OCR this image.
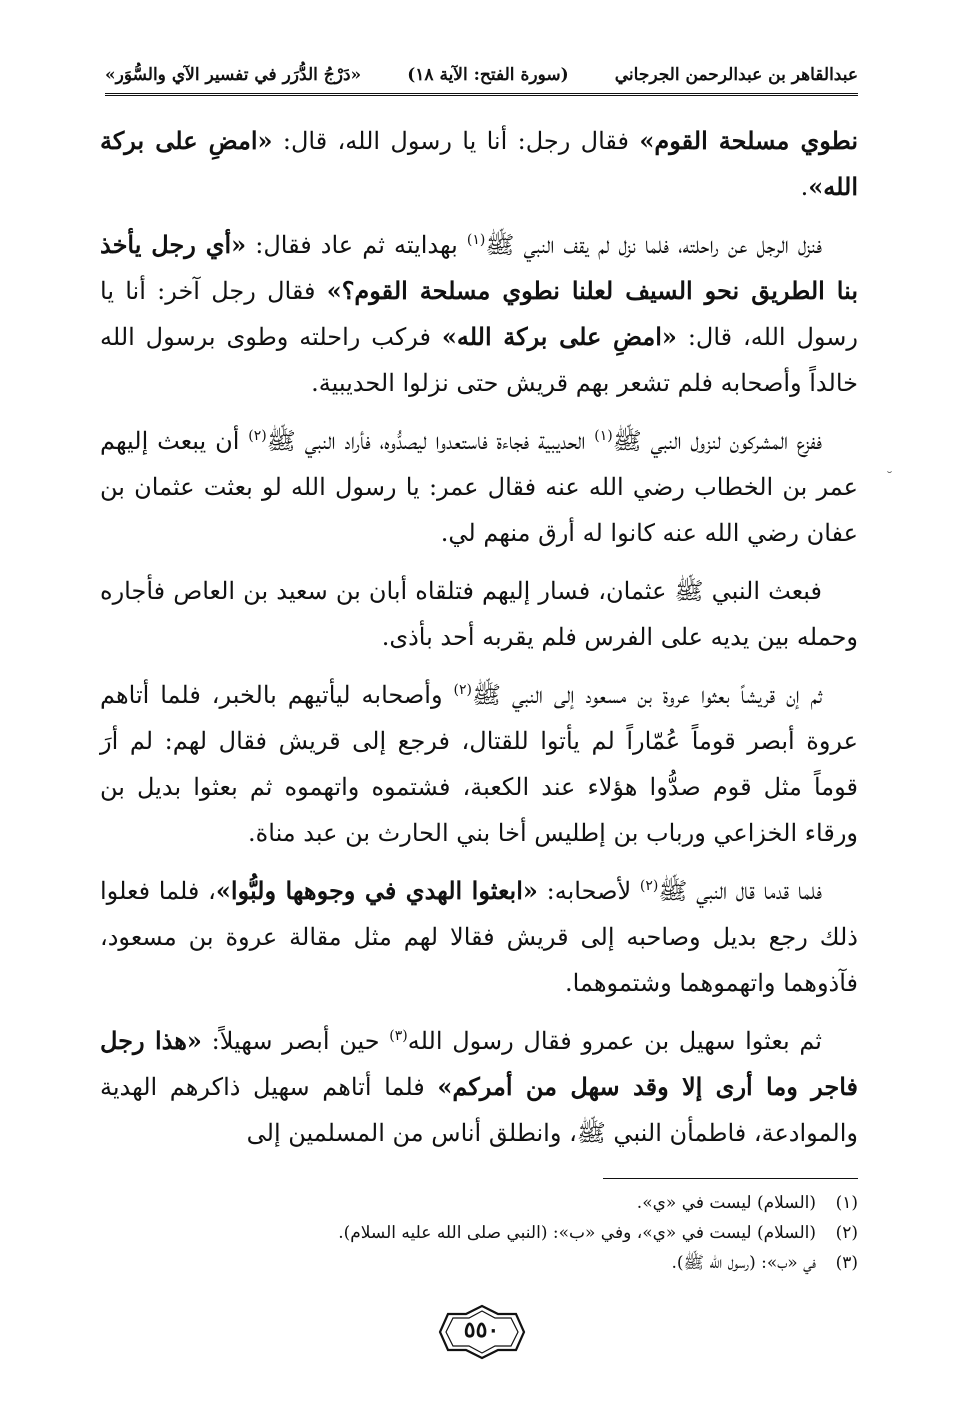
عبدالقاهر بن عبدالرحمن الجرجاني
(سورة الفتح: الآية ١٨)
«دَرْجُ الدُّرَر في تفسير الآي والسُّوَر»
نطوي مسلحة القوم» فقال رجل: أنا يا رسول الله، قال: «امضِ على بركة الله».
فنزل الرجل عن راحلته، فلما نزل لم يقف النبي ﷺ$^{(١)}$ بهدايته ثم عاد فقال: «أي رجل يأخذ بنا الطريق نحو السيف لعلنا نطوي مسلحة القوم؟» فقال رجل آخر: أنا يا رسول الله، قال: «امضِ على بركة الله» فركب راحلته وطوى برسول الله خالداً وأصحابه فلم تشعر بهم قريش حتى نزلوا الحديبية.
ففزع المشركون لنزول النبي ﷺ$^{(١)}$ الحديبية فجاءة فاستعدوا ليصدُّوه، فأراد النبي ﷺ$^{(٢)}$ أن يبعث إليهم عمر بن الخطاب رضي الله عنه فقال عمر: يا رسول الله لو بعثت عثمان بن عفان رضي الله عنه كانوا له أرق منهم لي.
فبعث النبي ﷺ عثمان، فسار إليهم فتلقاه أبان بن سعيد بن العاص فأجاره وحمله بين يديه على الفرس فلم يقربه أحد بأذى.
ثم إن قريشاً بعثوا عروة بن مسعود إلى النبي ﷺ$^{(٢)}$ وأصحابه ليأتيهم بالخبر، فلما أتاهم عروة أبصر قوماً عُمّاراً لم يأتوا للقتال، فرجع إلى قريش فقال لهم: لم أرَ قوماً مثل قوم صدُّوا هؤلاء عند الكعبة، فشتموه واتهموه ثم بعثوا بديل بن ورقاء الخزاعي ورباب بن إطليس أخا بني الحارث بن عبد مناة.
فلما قدما قال النبي ﷺ$^{(٢)}$ لأصحابه: «ابعثوا الهدي في وجوهها ولبُّوا»، فلما فعلوا ذلك رجع بديل وصاحبه إلى قريش فقالا لهم مثل مقالة عروة بن مسعود، فآذوهما واتهموهما وشتموهما.
ثم بعثوا سهيل بن عمرو فقال رسول الله$^{(٣)}$ حين أبصر سهيلاً: «هذا رجل فاجر وما أرى إلا وقد سهل من أمركم» فلما أتاهم سهيل ذاكرهم الهدية والموادعة، فاطمأن النبي ﷺ، وانطلق أناس من المسلمين إلى
˘
(١)
(السلام) ليست في «ي».
(٢)
(السلام) ليست في «ي»، وفي «ب»: (النبي صلى الله عليه السلام).
(٣)
في «ب»: (رسول الله ﷺ).
٥٥٠
